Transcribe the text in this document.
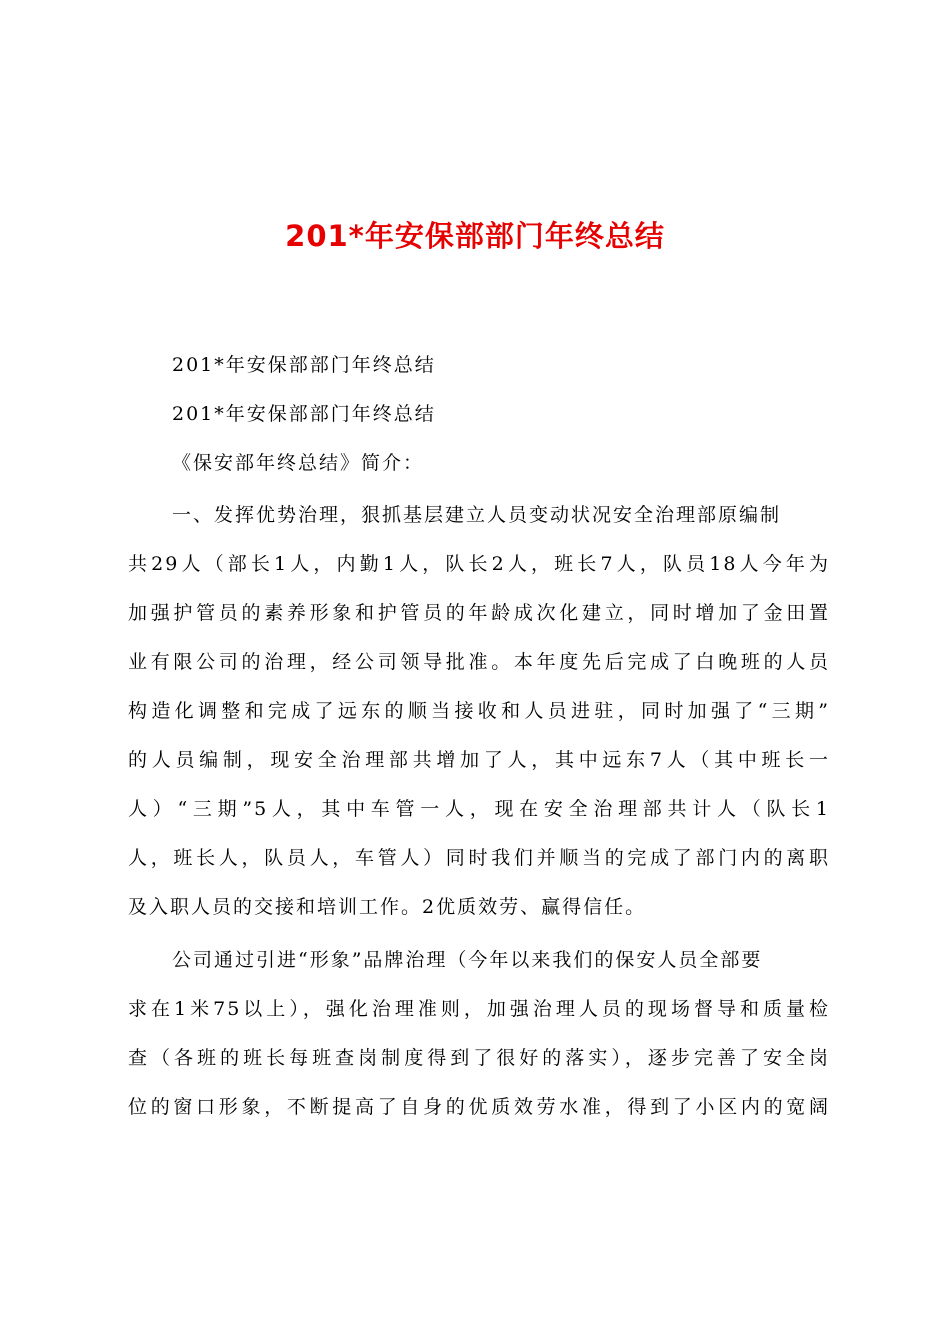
201*年安保部部门年终总结
201*年安保部部门年终总结
201*年安保部部门年终总结
《保安部年终总结》简介：
一、发挥优势治理，狠抓基层建立人员变动状况安全治理部原编制
共29人（部长1人，内勤1人，队长2人，班长7人，队员18人今年为
加强护管员的素养形象和护管员的年龄成次化建立，同时增加了金田置
业有限公司的治理，经公司领导批准。本年度先后完成了白晚班的人员
构造化调整和完成了远东的顺当接收和人员进驻，同时加强了“三期”
的人员编制，现安全治理部共增加了人，其中远东7人（其中班长一
人）“三期”5人，其中车管一人，现在安全治理部共计人（队长1
人，班长人，队员人，车管人）同时我们并顺当的完成了部门内的离职
及入职人员的交接和培训工作。2优质效劳、赢得信任。
公司通过引进“形象”品牌治理（今年以来我们的保安人员全部要
求在1米75以上），强化治理准则，加强治理人员的现场督导和质量检
查（各班的班长每班查岗制度得到了很好的落实），逐步完善了安全岗
位的窗口形象，不断提高了自身的优质效劳水准，得到了小区内的宽阔
